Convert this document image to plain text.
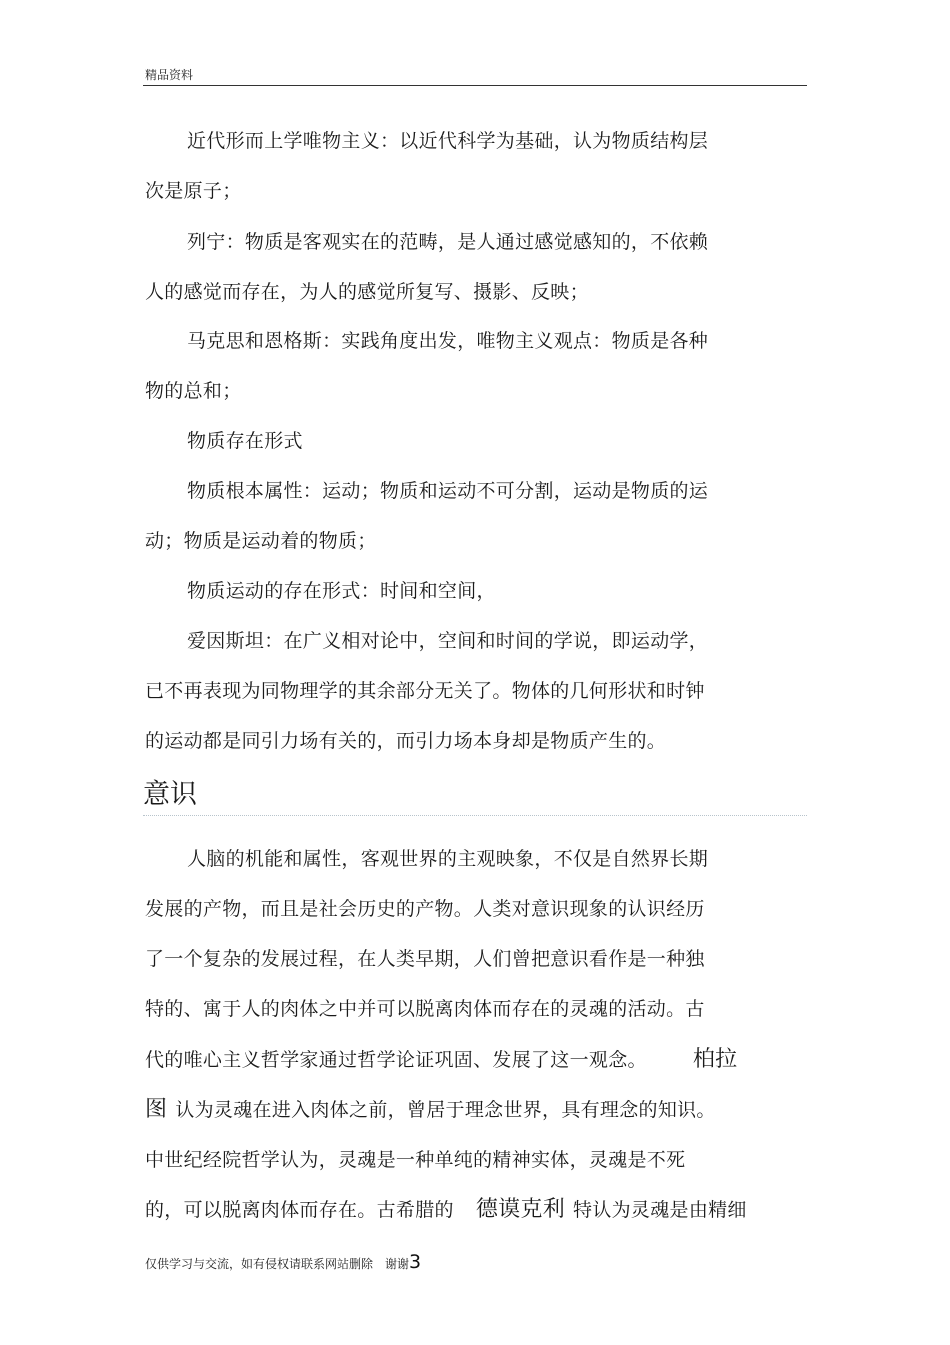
精品资料
近代形而上学唯物主义：以近代科学为基础，认为物质结构层
次是原子；
列宁：物质是客观实在的范畴，是人通过感觉感知的，不依赖
人的感觉而存在，为人的感觉所复写、摄影、反映；
马克思和恩格斯：实践角度出发，唯物主义观点：物质是各种
物的总和；
物质存在形式
物质根本属性：运动；物质和运动不可分割，运动是物质的运
动；物质是运动着的物质；
物质运动的存在形式：时间和空间，
爱因斯坦：在广义相对论中，空间和时间的学说，即运动学，
已不再表现为同物理学的其余部分无关了。物体的几何形状和时钟
的运动都是同引力场有关的，而引力场本身却是物质产生的。
意识
人脑的机能和属性，客观世界的主观映象，不仅是自然界长期
发展的产物，而且是社会历史的产物。人类对意识现象的认识经历
了一个复杂的发展过程，在人类早期，人们曾把意识看作是一种独
特的、寓于人的肉体之中并可以脱离肉体而存在的灵魂的活动。古
代的唯心主义哲学家通过哲学论证巩固、发展了这一观念。 柏拉
图 认为灵魂在进入肉体之前，曾居于理念世界，具有理念的知识。
中世纪经院哲学认为，灵魂是一种单纯的精神实体，灵魂是不死
的，可以脱离肉体而存在。古希腊的 德谟克利 特认为灵魂是由精细
仅供学习与交流，如有侵权请联系网站删除　谢谢3
